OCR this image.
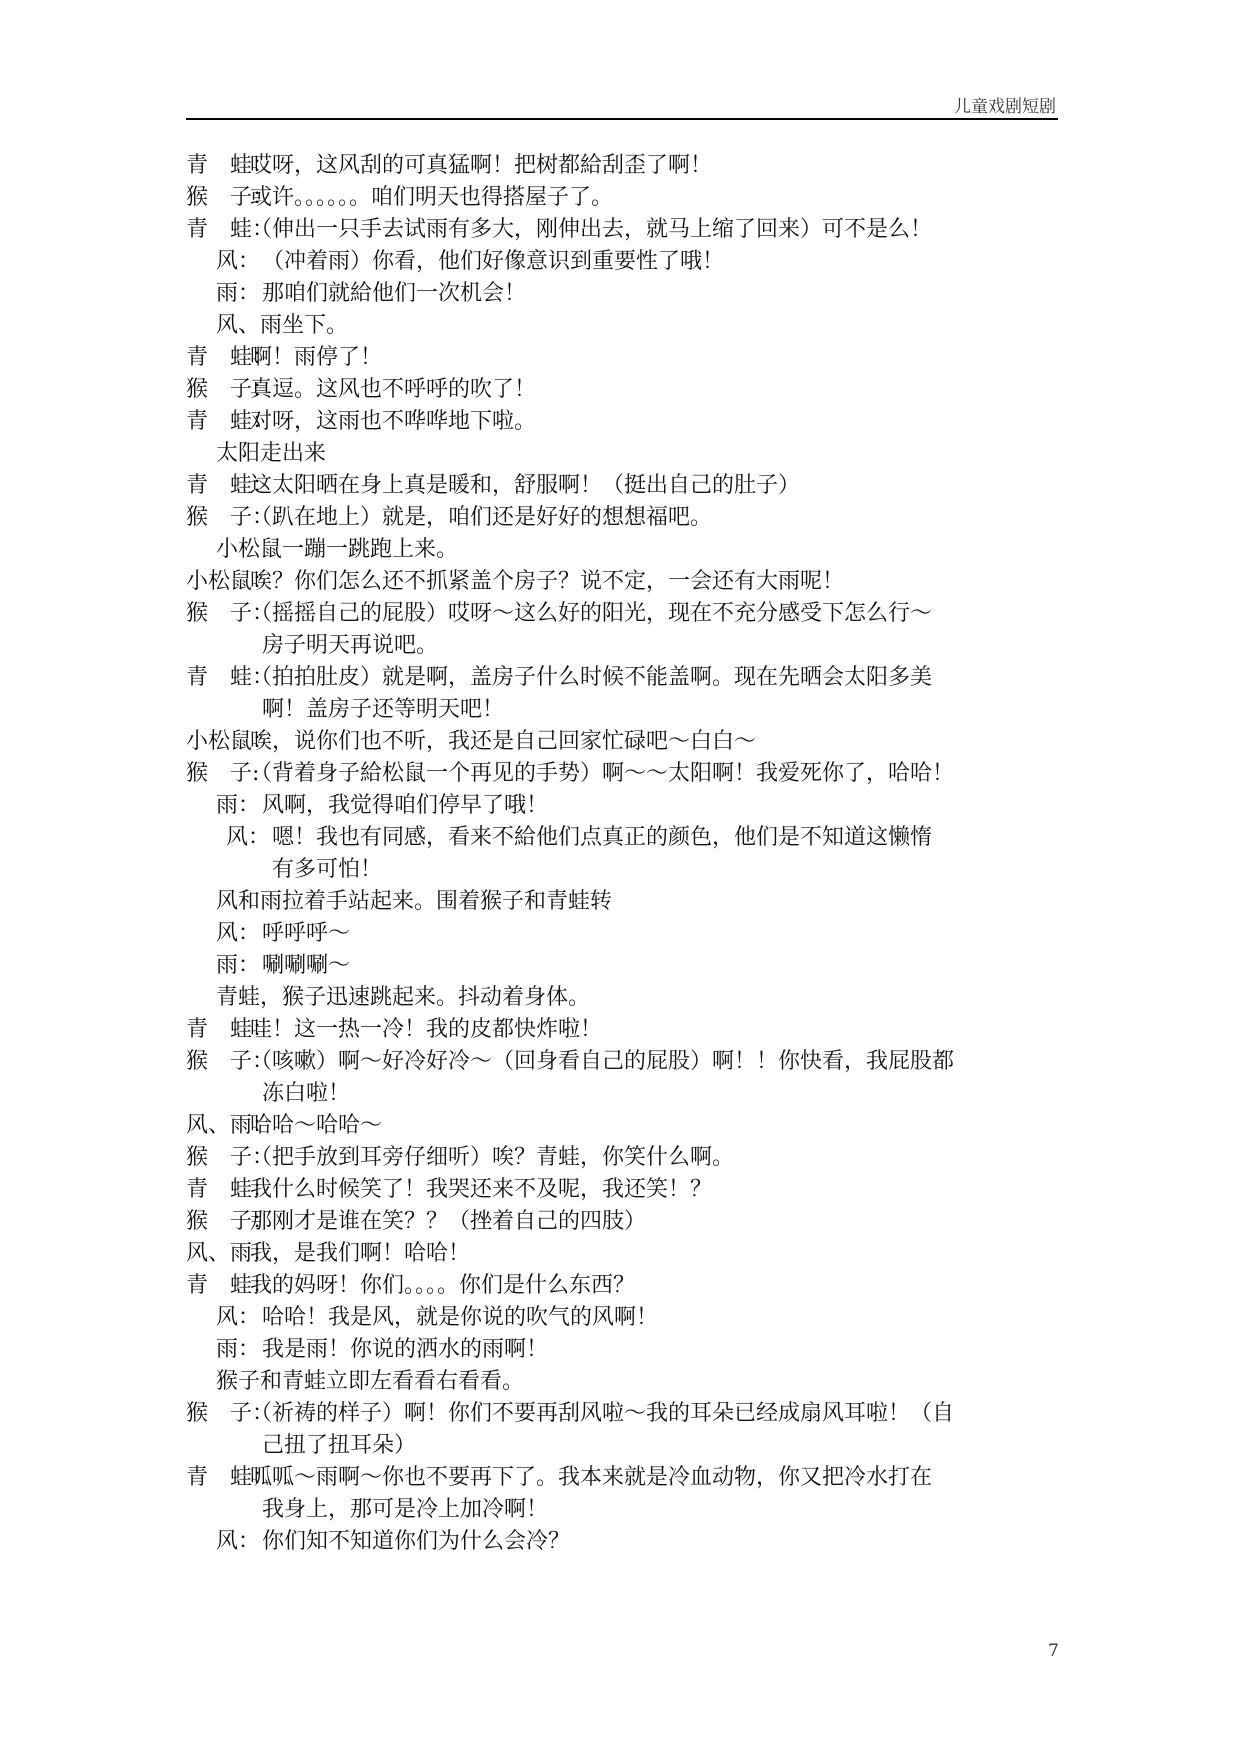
儿童戏剧短剧
青　蛙：
哎呀，这风刮的可真猛啊！把树都給刮歪了啊！
猴　子：
或许。。。。。。咱们明天也得搭屋子了。
青　蛙：
（伸出一只手去试雨有多大，刚伸出去，就马上缩了回来）可不是么！
风： （冲着雨）你看，他们好像意识到重要性了哦！
雨： 那咱们就給他们一次机会！
风、雨坐下。
青　蛙：
啊！雨停了！
猴　子：
真逗。这风也不呼呼的吹了！
青　蛙：
对呀，这雨也不哗哗地下啦。
太阳走出来
青　蛙：
这太阳晒在身上真是暖和，舒服啊！（挺出自己的肚子）
猴　子：
（趴在地上）就是，咱们还是好好的想想福吧。
小松鼠一蹦一跳跑上来。
小松鼠：
唉？你们怎么还不抓紧盖个房子？说不定，一会还有大雨呢！
猴　子：
（摇摇自己的屁股）哎呀～这么好的阳光，现在不充分感受下怎么行～
房子明天再说吧。
青　蛙：
（拍拍肚皮）就是啊，盖房子什么时候不能盖啊。现在先晒会太阳多美
啊！盖房子还等明天吧！
小松鼠：
唉，说你们也不听，我还是自己回家忙碌吧～白白～
猴　子:
（背着身子給松鼠一个再见的手势）啊～～太阳啊！我爱死你了，哈哈！
雨： 风啊，我觉得咱们停早了哦！
风： 嗯！我也有同感，看来不給他们点真正的颜色，他们是不知道这懒惰
有多可怕！
风和雨拉着手站起来。围着猴子和青蛙转
风： 呼呼呼～
雨： 唰唰唰～
青蛙，猴子迅速跳起来。抖动着身体。
青　蛙：
哇！这一热一冷！我的皮都快炸啦！
猴　子：
（咳嗽）啊～好冷好冷～（回身看自己的屁股）啊！！你快看，我屁股都
冻白啦！
风、雨：
哈哈～哈哈～
猴　子：
（把手放到耳旁仔细听）唉？青蛙，你笑什么啊。
青　蛙：
我什么时候笑了！我哭还来不及呢，我还笑！？
猴　子：
那刚才是谁在笑？？（挫着自己的四肢）
风、雨：
我，是我们啊！哈哈！
青　蛙：
我的妈呀！你们。。。。你们是什么东西？
风： 哈哈！我是风，就是你说的吹气的风啊！
雨： 我是雨！你说的洒水的雨啊！
猴子和青蛙立即左看看右看看。
猴　子：
（祈祷的样子）啊！你们不要再刮风啦～我的耳朵已经成扇风耳啦！（自
己扭了扭耳朵）
青　蛙：
呱呱～雨啊～你也不要再下了。我本来就是冷血动物，你又把冷水打在
我身上，那可是冷上加冷啊！
风： 你们知不知道你们为什么会冷？
7
